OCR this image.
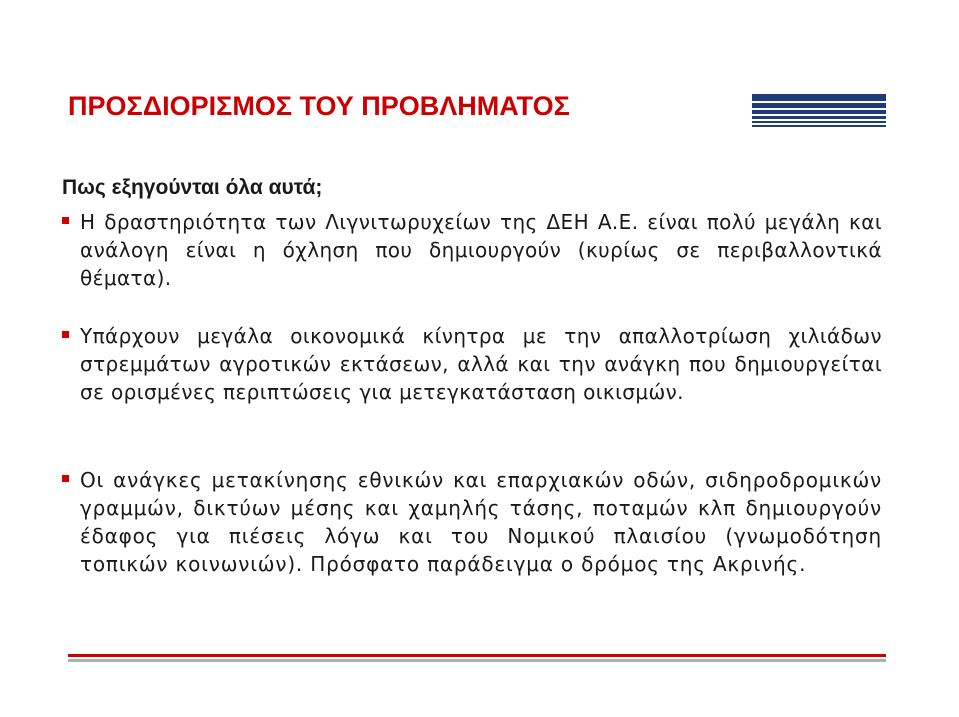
ΠΡΟΣΔΙΟΡΙΣΜΟΣ ΤΟΥ ΠΡΟΒΛΗΜΑΤΟΣ
Πως εξηγούνται όλα αυτά;
Η δραστηριότητα των Λιγνιτωρυχείων της ΔΕΗ Α.Ε. είναι πολύ μεγάλη και ανάλογη είναι η όχληση που δημιουργούν (κυρίως σε περιβαλλοντικά θέματα).
Υπάρχουν μεγάλα οικονομικά κίνητρα με την απαλλοτρίωση χιλιάδων στρεμμάτων αγροτικών εκτάσεων, αλλά και την ανάγκη που δημιουργείται σε ορισμένες περιπτώσεις για μετεγκατάσταση οικισμών.
Οι ανάγκες μετακίνησης εθνικών και επαρχιακών οδών, σιδηροδρομικών γραμμών, δικτύων μέσης και χαμηλής τάσης, ποταμών κλπ δημιουργούν έδαφος για πιέσεις λόγω και του Νομικού πλαισίου (γνωμοδότηση τοπικών κοινωνιών). Πρόσφατο παράδειγμα ο δρόμος της Ακρινής.
